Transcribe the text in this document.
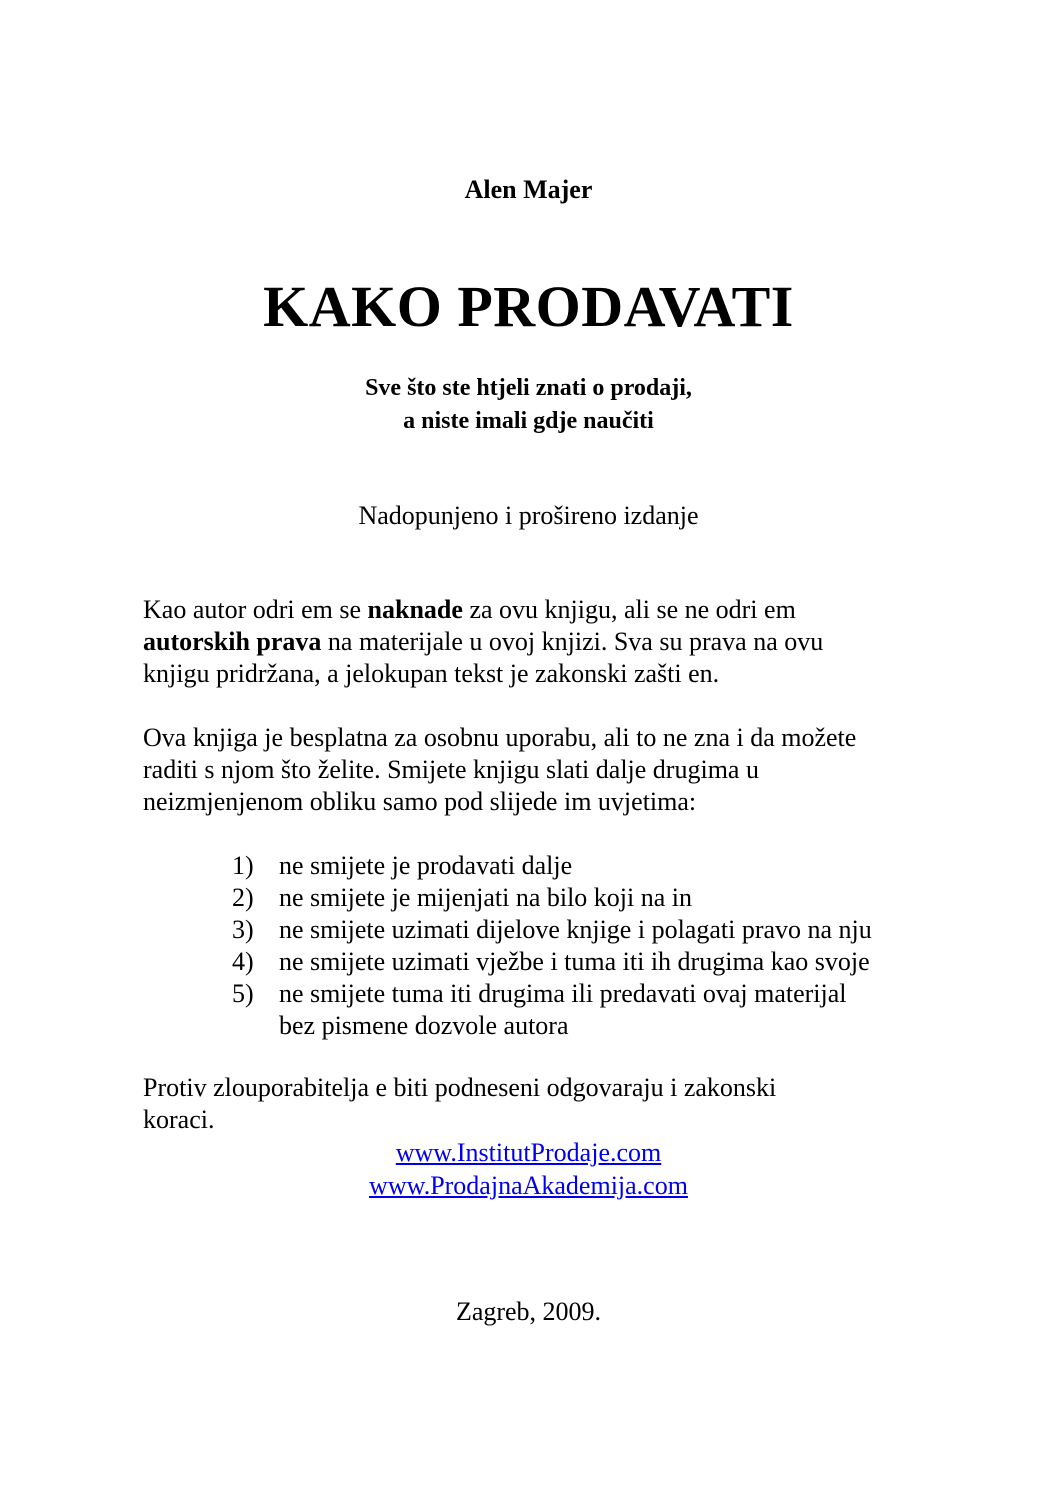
Alen Majer
KAKO PRODAVATI
Sve što ste htjeli znati o prodaji,
a niste imali gdje naučiti
Nadopunjeno i prošireno izdanje

Kao autor odri em se naknade za ovu knjigu, ali se ne odri em
autorskih prava na materijale u ovoj knjizi. Sva su prava na ovu
knjigu pridržana, a jelokupan tekst je zakonski zašti en.

Ova knjiga je besplatna za osobnu uporabu, ali to ne zna i da možete
raditi s njom što želite. Smijete knjigu slati dalje drugima u
neizmjenjenom obliku samo pod slijede im uvjetima:

1) ne smijete je prodavati dalje
2) ne smijete je mijenjati na bilo koji na in
3) ne smijete uzimati dijelove knjige i polagati pravo na nju
4) ne smijete uzimati vježbe i tuma iti ih drugima kao svoje
5) ne smijete tuma iti drugima ili predavati ovaj materijal
bez pismene dozvole autora

Protiv zlouporabitelja e biti podneseni odgovaraju i zakonski
koraci.

www.InstitutProdaje.com
www.ProdajnaAkademija.com
Zagreb, 2009.
